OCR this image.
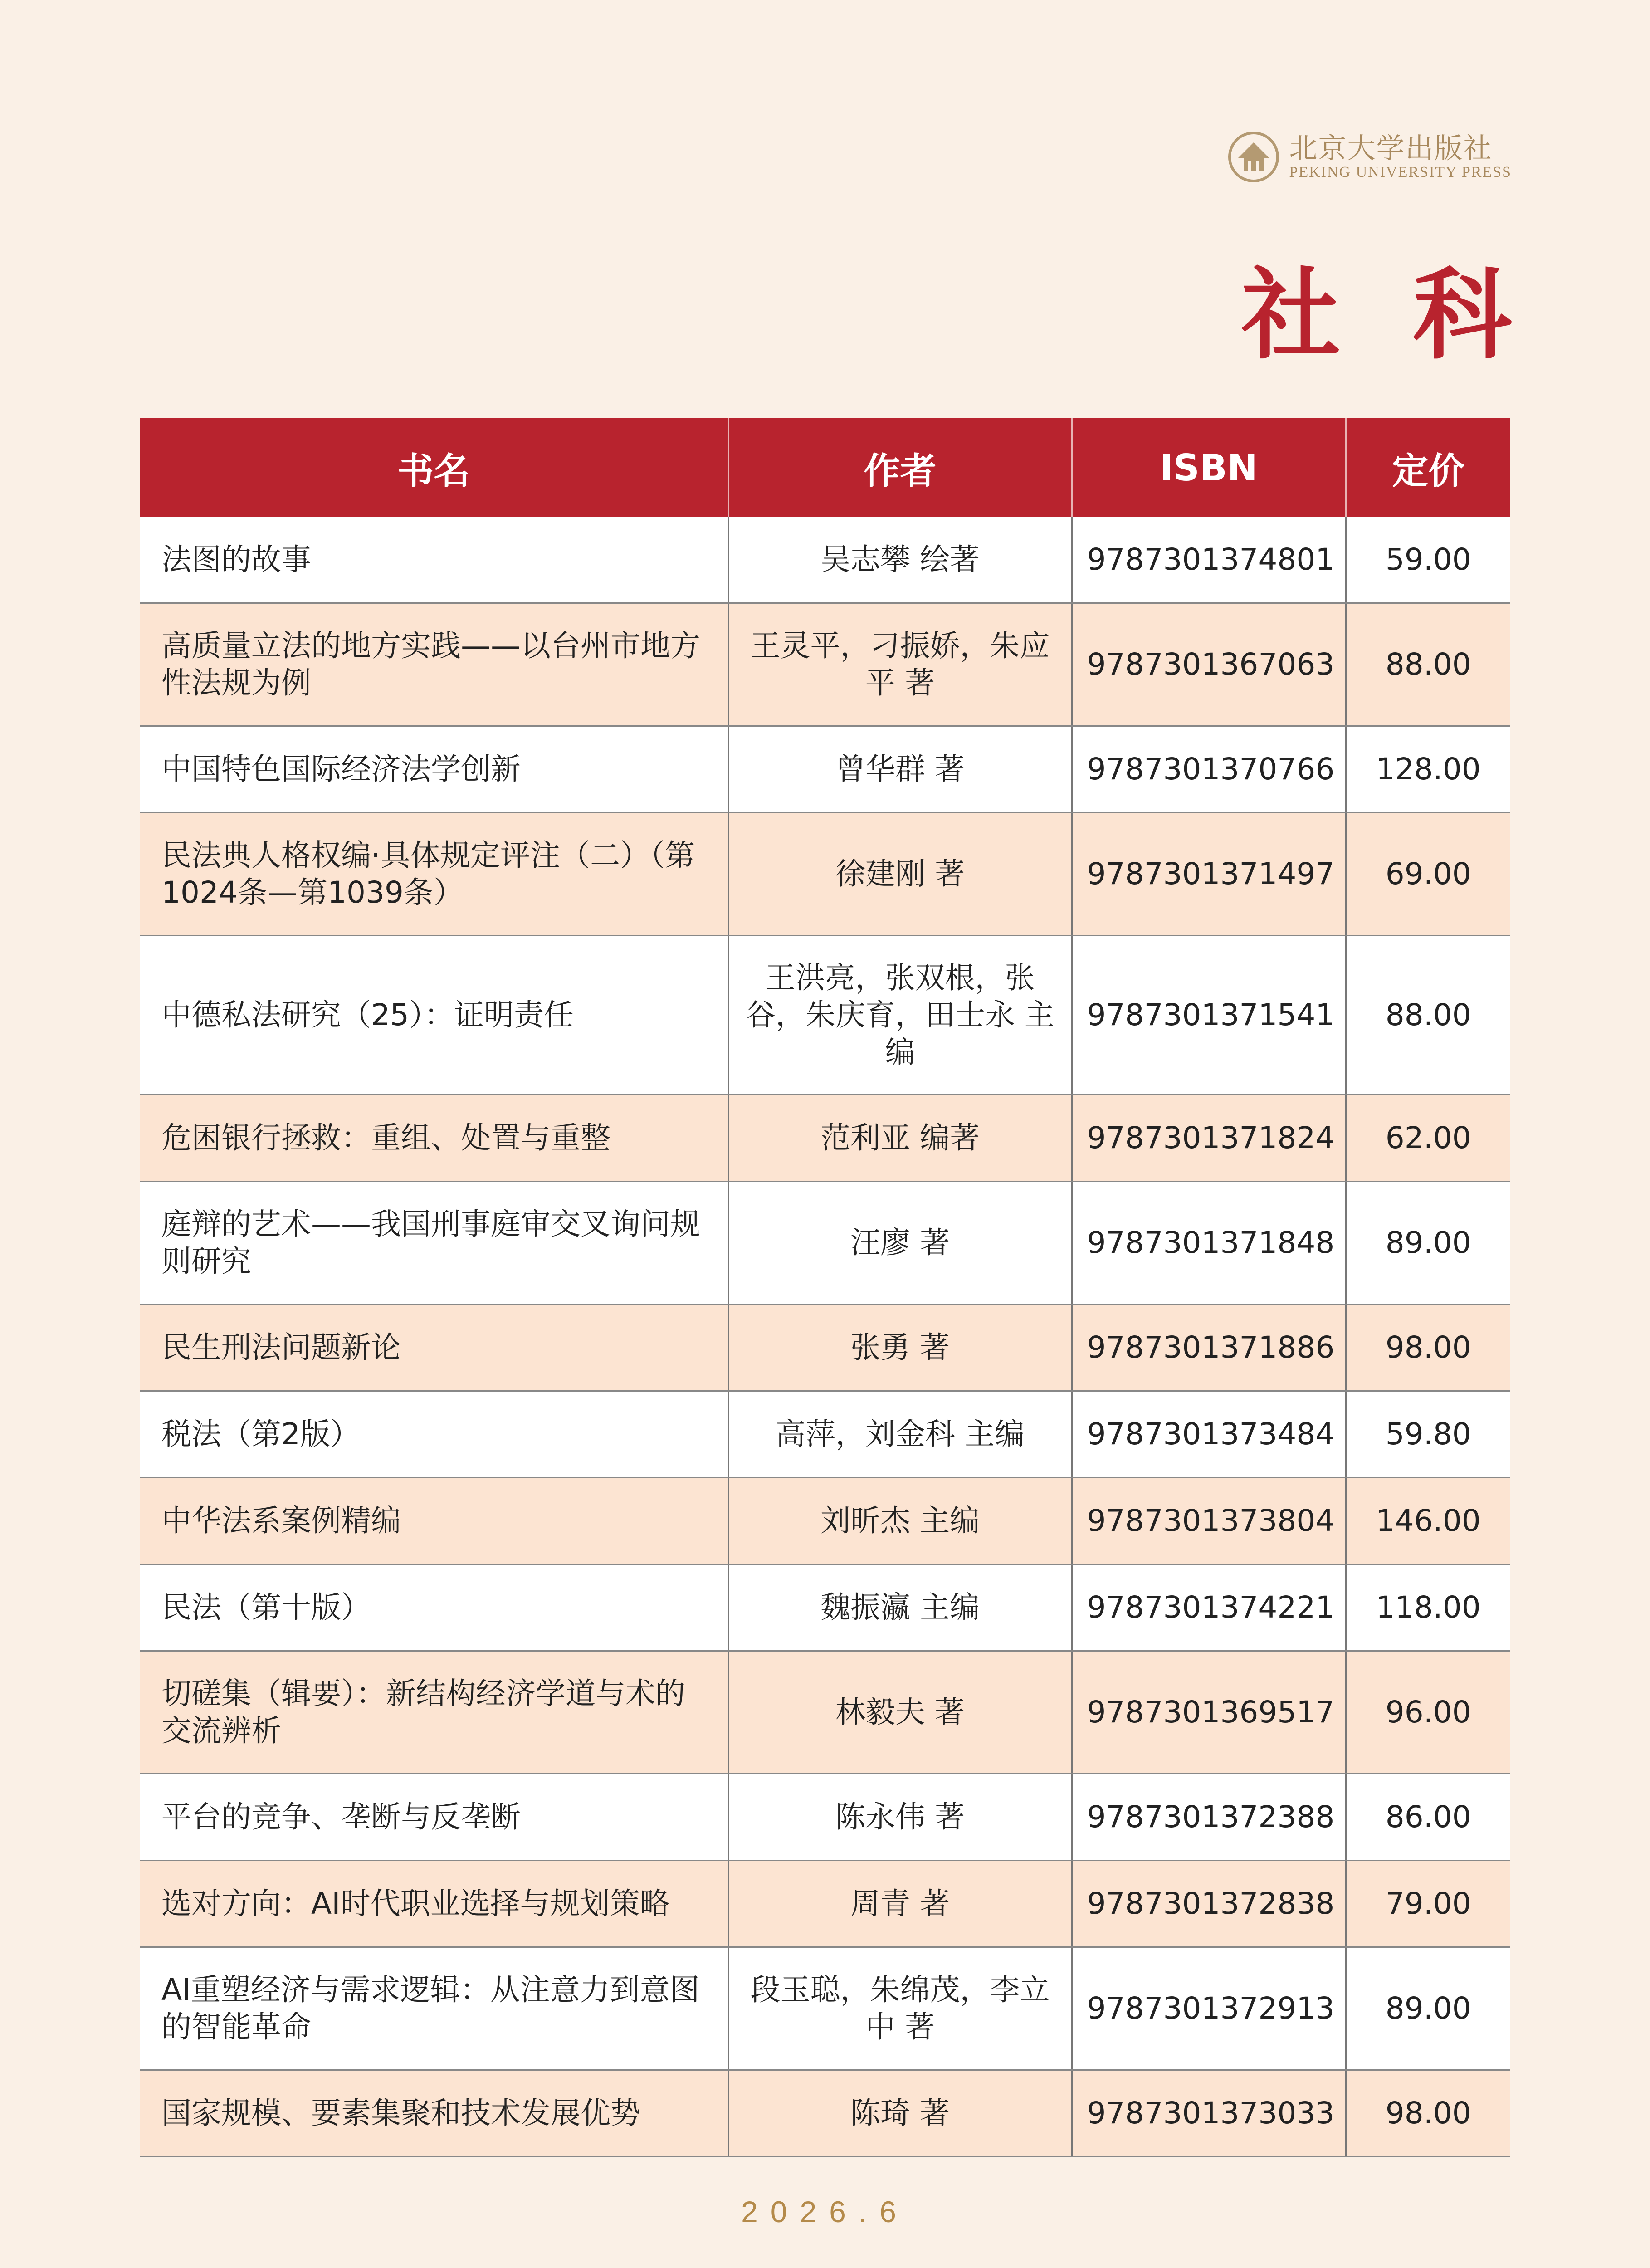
北京大学出版社
PEKING UNIVERSITY PRESS
社科
书名	作者	ISBN	定价
法图的故事	吴志攀 绘著	9787301374801	59.00
高质量立法的地方实践——以台州市地方性法规为例	王灵平，刁振娇，朱应平 著	9787301367063	88.00
中国特色国际经济法学创新	曾华群 著	9787301370766	128.00
民法典人格权编·具体规定评注（二）（第1024条—第1039条）	徐建刚 著	9787301371497	69.00
中德私法研究（25）：证明责任	王洪亮，张双根，张谷，朱庆育，田士永 主编	9787301371541	88.00
危困银行拯救：重组、处置与重整	范利亚 编著	9787301371824	62.00
庭辩的艺术——我国刑事庭审交叉询问规则研究	汪廖 著	9787301371848	89.00
民生刑法问题新论	张勇 著	9787301371886	98.00
税法（第2版）	高萍，刘金科 主编	9787301373484	59.80
中华法系案例精编	刘昕杰 主编	9787301373804	146.00
民法（第十版）	魏振瀛 主编	9787301374221	118.00
切磋集（辑要）：新结构经济学道与术的交流辨析	林毅夫 著	9787301369517	96.00
平台的竞争、垄断与反垄断	陈永伟 著	9787301372388	86.00
选对方向：AI时代职业选择与规划策略	周青 著	9787301372838	79.00
AI重塑经济与需求逻辑：从注意力到意图的智能革命	段玉聪，朱绵茂，李立中 著	9787301372913	89.00
国家规模、要素集聚和技术发展优势	陈琦 著	9787301373033	98.00
2026.6
